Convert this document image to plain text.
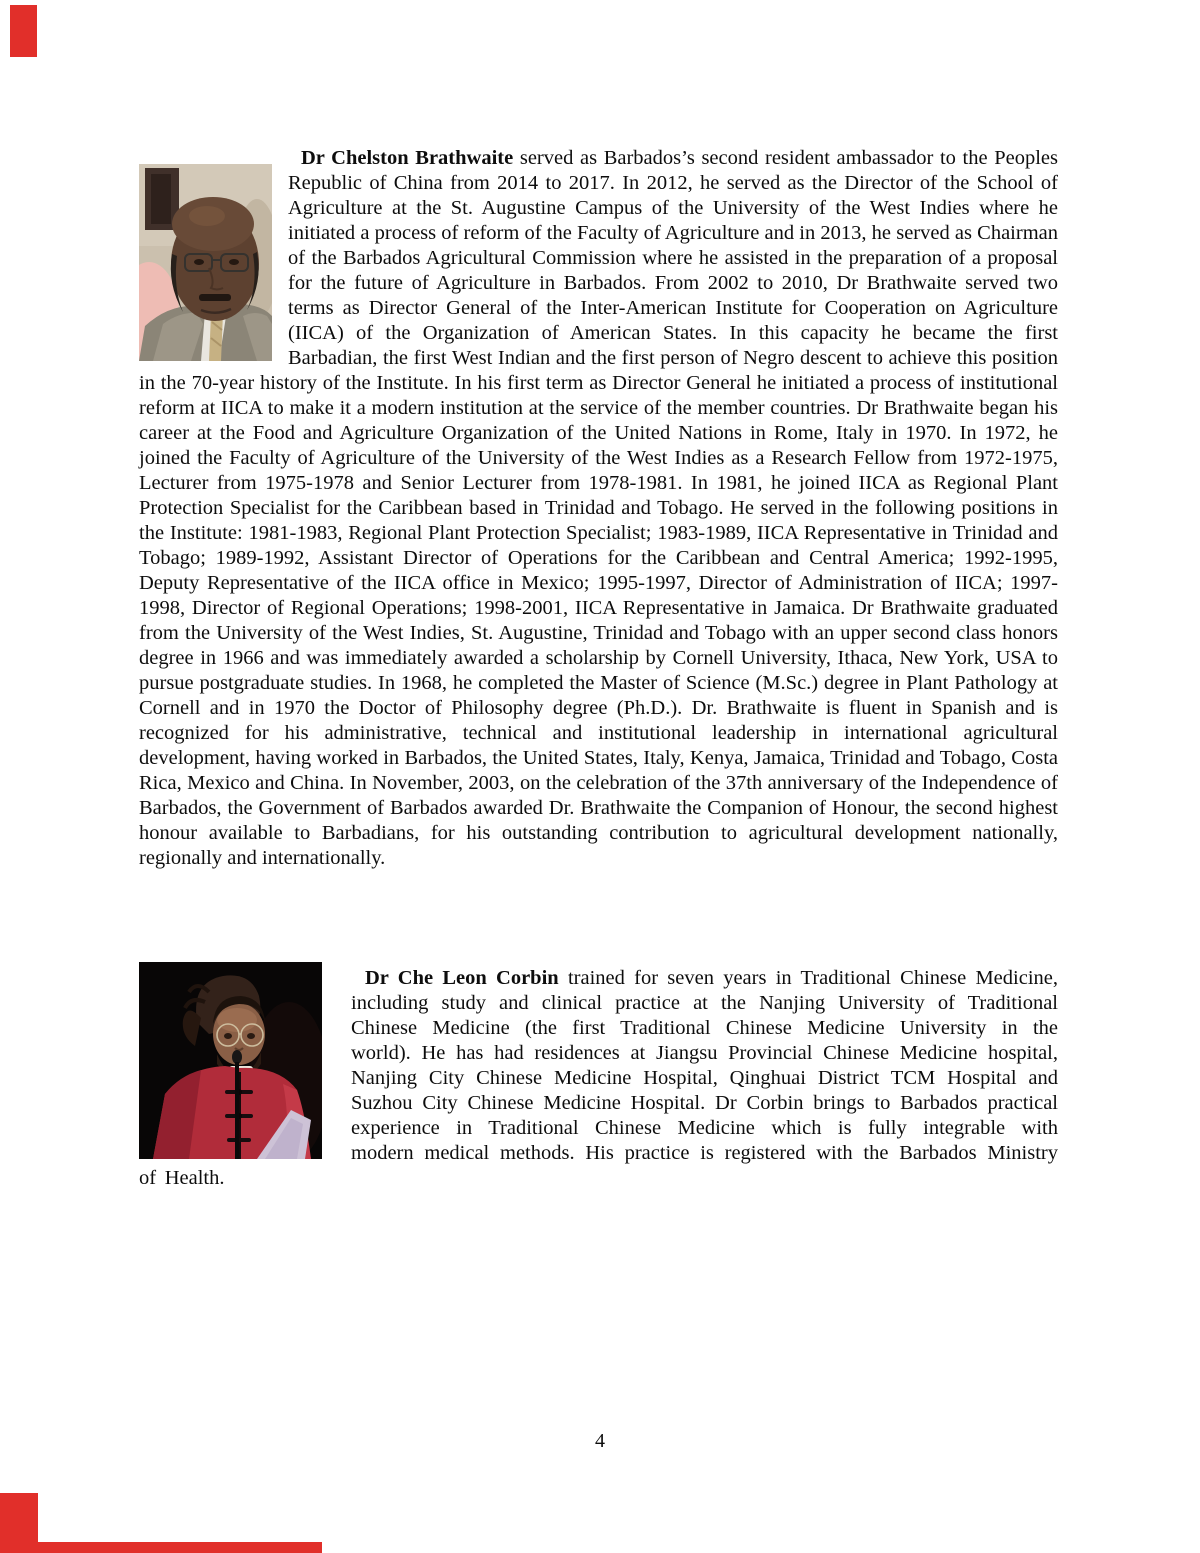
Dr Chelston Brathwaite served as Barbados’s second resident ambassador to the Peoples Republic of China from 2014 to 2017. In 2012, he served as the Director of the School of Agriculture at the St. Augustine Campus of the University of the West Indies where he initiated a process of reform of the Faculty of Agriculture and in 2013, he served as Chairman of the Barbados Agricultural Commission where he assisted in the preparation of a proposal for the future of Agriculture in Barbados. From 2002 to 2010, Dr Brathwaite served two terms as Director General of the Inter-American Institute for Cooperation on Agriculture (IICA) of the Organization of American States. In this capacity he became the first Barbadian, the first West Indian and the first person of Negro descent to achieve this position in the 70-year history of the Institute. In his first term as Director General he initiated a process of institutional reform at IICA to make it a modern institution at the service of the member countries. Dr Brathwaite began his career at the Food and Agriculture Organization of the United Nations in Rome, Italy in 1970. In 1972, he joined the Faculty of Agriculture of the University of the West Indies as a Research Fellow from 1972-1975, Lecturer from 1975-1978 and Senior Lecturer from 1978-1981. In 1981, he joined IICA as Regional Plant Protection Specialist for the Caribbean based in Trinidad and Tobago. He served in the following positions in the Institute: 1981-1983, Regional Plant Protection Specialist; 1983-1989, IICA Representative in Trinidad and Tobago; 1989-1992, Assistant Director of Operations for the Caribbean and Central America; 1992-1995, Deputy Representative of the IICA office in Mexico; 1995-1997, Director of Administration of IICA; 1997-1998, Director of Regional Operations; 1998-2001, IICA Representative in Jamaica. Dr Brathwaite graduated from the University of the West Indies, St. Augustine, Trinidad and Tobago with an upper second class honors degree in 1966 and was immediately awarded a scholarship by Cornell University, Ithaca, New York, USA to pursue postgraduate studies. In 1968, he completed the Master of Science (M.Sc.) degree in Plant Pathology at Cornell and in 1970 the Doctor of Philosophy degree (Ph.D.). Dr. Brathwaite is fluent in Spanish and is recognized for his administrative, technical and institutional leadership in international agricultural development, having worked in Barbados, the United States, Italy, Kenya, Jamaica, Trinidad and Tobago, Costa Rica, Mexico and China. In November, 2003, on the celebration of the 37th anniversary of the Independence of Barbados, the Government of Barbados awarded Dr. Brathwaite the Companion of Honour, the second highest honour available to Barbadians, for his outstanding contribution to agricultural development nationally, regionally and internationally.

Dr Che Leon Corbin trained for seven years in Traditional Chinese Medicine, including study and clinical practice at the Nanjing University of Traditional Chinese Medicine (the first Traditional Chinese Medicine University in the world). He has had residences at Jiangsu Provincial Chinese Medicine hospital, Nanjing City Chinese Medicine Hospital, Qinghuai District TCM Hospital and Suzhou City Chinese Medicine Hospital. Dr Corbin brings to Barbados practical experience in Traditional Chinese Medicine which is fully integrable with modern medical methods. His practice is registered with the Barbados Ministry of Health.

4
